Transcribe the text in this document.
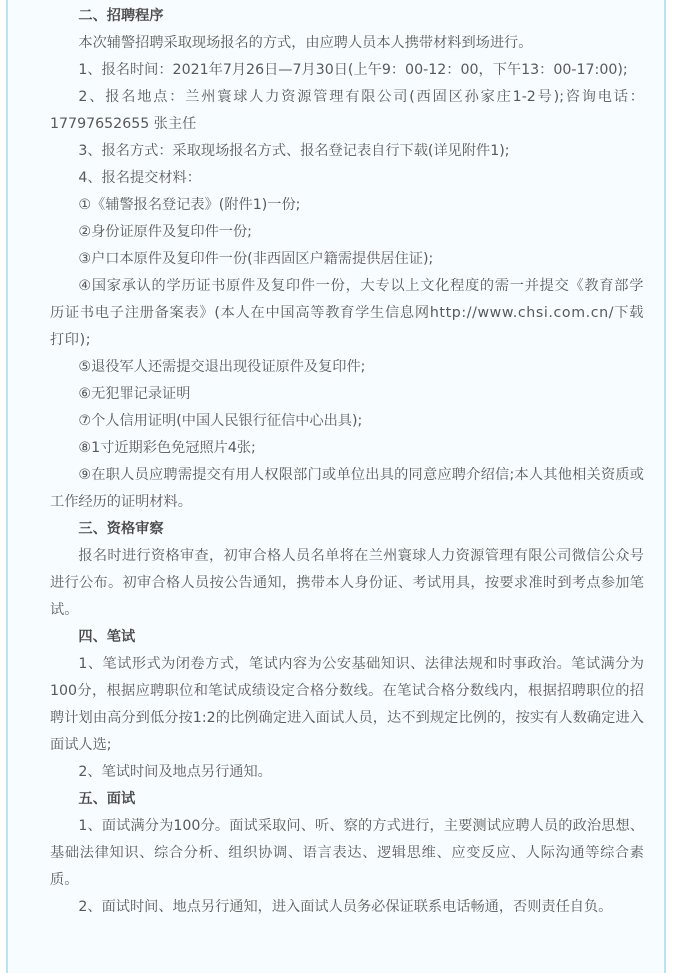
二、招聘程序

本次辅警招聘采取现场报名的方式，由应聘人员本人携带材料到场进行。

1、报名时间：2021年7月26日—7月30日(上午9：00-12：00，下午13：00-17:00);

2、报名地点：兰州寰球人力资源管理有限公司(西固区孙家庄1-2号);咨询电话：17797652655 张主任

3、报名方式：采取现场报名方式、报名登记表自行下载(详见附件1);

4、报名提交材料：

①《辅警报名登记表》(附件1)一份;

②身份证原件及复印件一份;

③户口本原件及复印件一份(非西固区户籍需提供居住证);

④国家承认的学历证书原件及复印件一份，大专以上文化程度的需一并提交《教育部学历证书电子注册备案表》(本人在中国高等教育学生信息网http://www.chsi.com.cn/下载打印);

⑤退役军人还需提交退出现役证原件及复印件;

⑥无犯罪记录证明

⑦个人信用证明(中国人民银行征信中心出具);

⑧1寸近期彩色免冠照片4张;

⑨在职人员应聘需提交有用人权限部门或单位出具的同意应聘介绍信;本人其他相关资质或工作经历的证明材料。

三、资格审察

报名时进行资格审查，初审合格人员名单将在兰州寰球人力资源管理有限公司微信公众号进行公布。初审合格人员按公告通知，携带本人身份证、考试用具，按要求准时到考点参加笔试。

四、笔试

1、笔试形式为闭卷方式，笔试内容为公安基础知识、法律法规和时事政治。笔试满分为100分，根据应聘职位和笔试成绩设定合格分数线。在笔试合格分数线内，根据招聘职位的招聘计划由高分到低分按1:2的比例确定进入面试人员，达不到规定比例的，按实有人数确定进入面试人选;

2、笔试时间及地点另行通知。

五、面试

1、面试满分为100分。面试采取问、听、察的方式进行，主要测试应聘人员的政治思想、基础法律知识、综合分析、组织协调、语言表达、逻辑思维、应变反应、人际沟通等综合素质。

2、面试时间、地点另行通知，进入面试人员务必保证联系电话畅通，否则责任自负。
